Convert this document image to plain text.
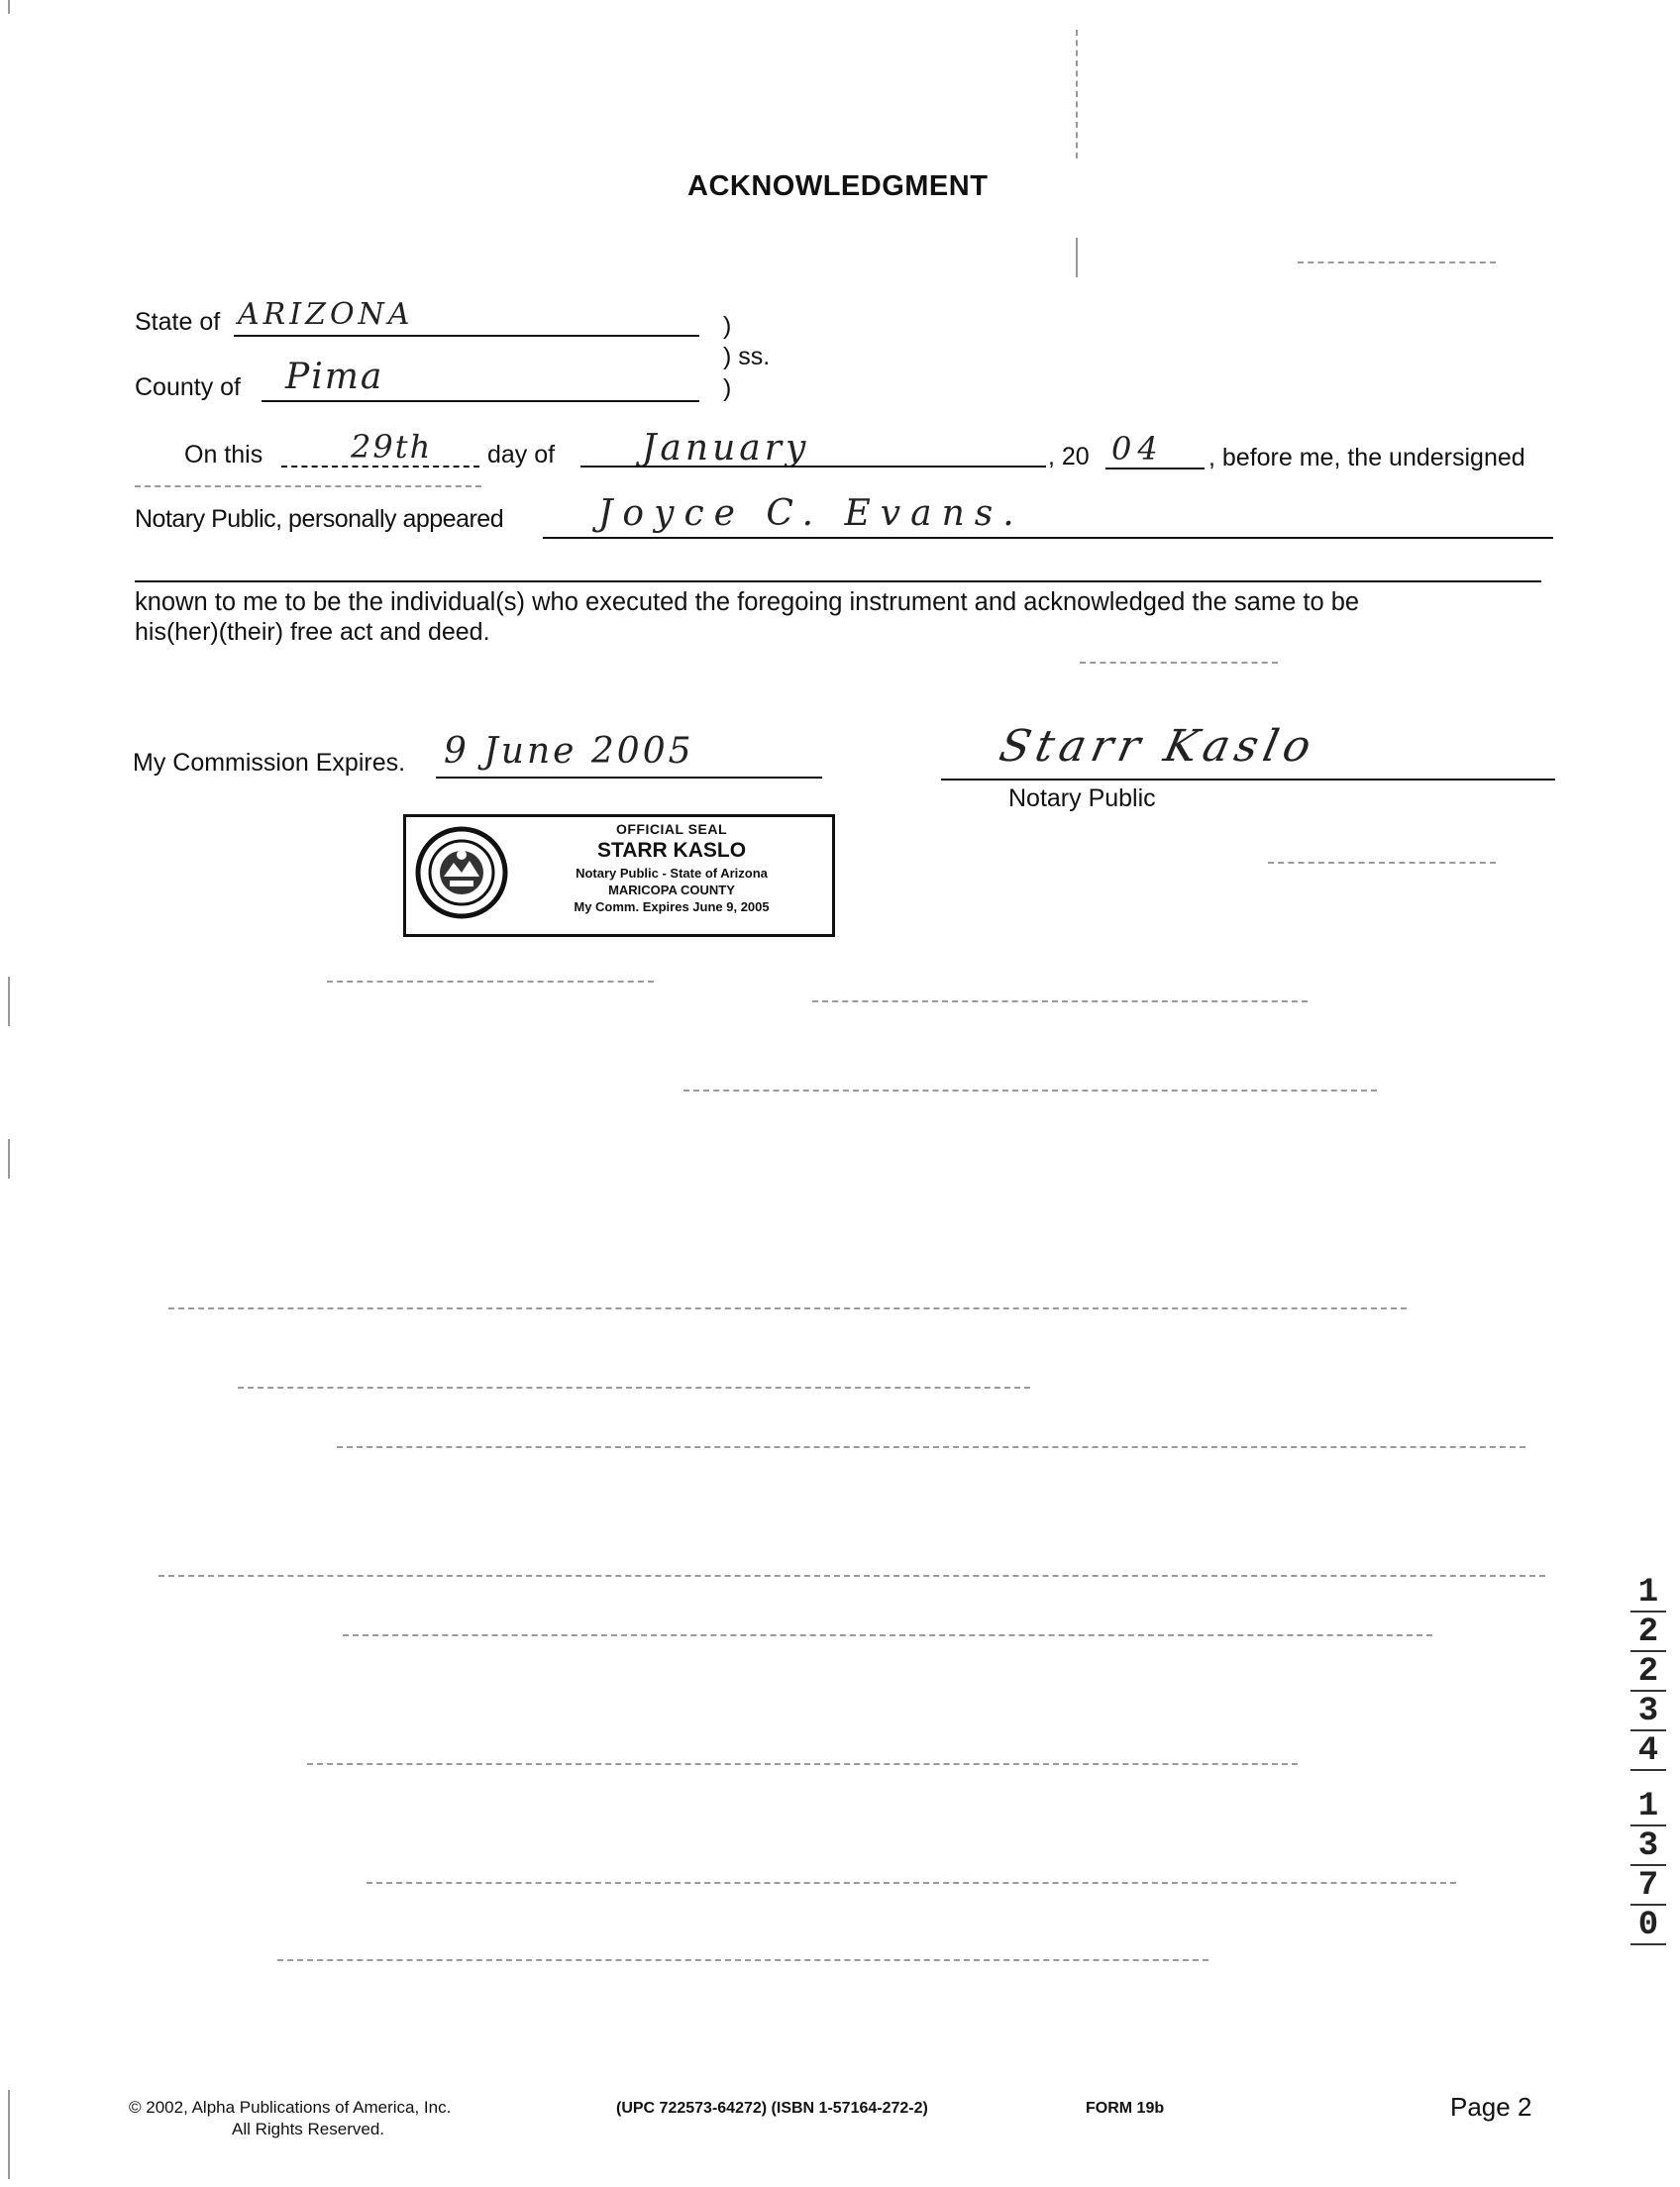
ACKNOWLEDGMENT
State of ARIZONA	)
) ss.
County of Pima	)
On this	29th day of January	, 20 04 , before me, the undersigned
Notary Public, personally appeared	Joyce C. Evans.
known to me to be the individual(s) who executed the foregoing instrument and acknowledged the same to be
his(her)(their) free act and deed.
My Commission Expires. 9 June 2005	Starr Kaslo
Notary Public
OFFICIAL SEAL
STARR KASLO
Notary Public - State of Arizona
MARICOPA COUNTY
My Comm. Expires June 9, 2005
1
2
2
3
4
1
3
7
0
© 2002, Alpha Publications of America, Inc.
All Rights Reserved.
(UPC 722573-64272) (ISBN 1-57164-272-2)	FORM 19b	Page 2
